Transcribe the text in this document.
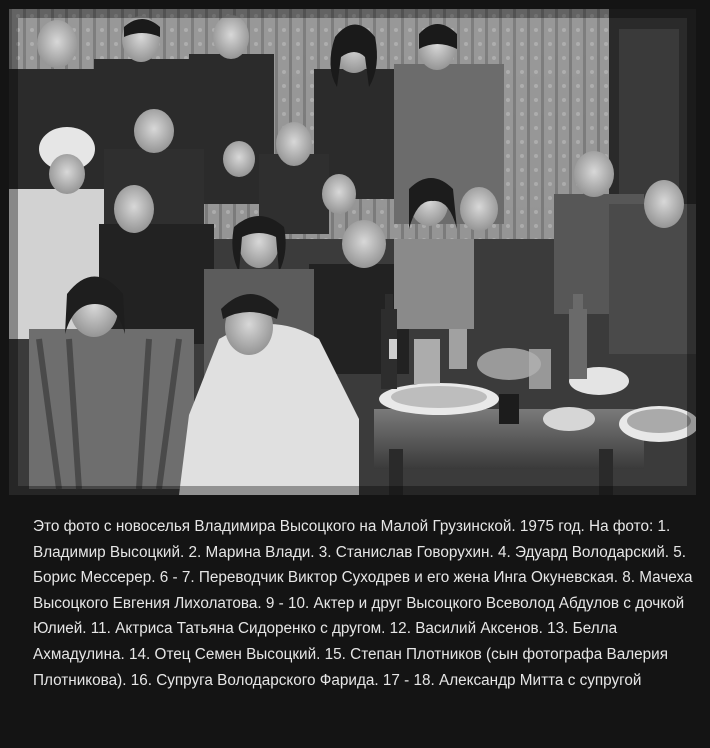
Это фото с новоселья Владимира Высоцкого на Малой Грузинской. 1975 год. На фото: 1. Владимир Высоцкий. 2. Марина Влади. 3. Станислав Говорухин. 4. Эдуард Володарский. 5. Борис Мессерер. 6 - 7. Переводчик Виктор Суходрев и его жена Инга Окуневская. 8. Мачеха Высоцкого Евгения Лихолатова. 9 - 10. Актер и друг Высоцкого Всеволод Абдулов с дочкой Юлией. 11. Актриса Татьяна Сидоренко с другом. 12. Василий Аксенов. 13. Белла Ахмадулина. 14. Отец Семен Высоцкий. 15. Степан Плотников (сын фотографа Валерия Плотникова). 16. Супруга Володарского Фарида. 17 - 18. Александр Митта с супругой
